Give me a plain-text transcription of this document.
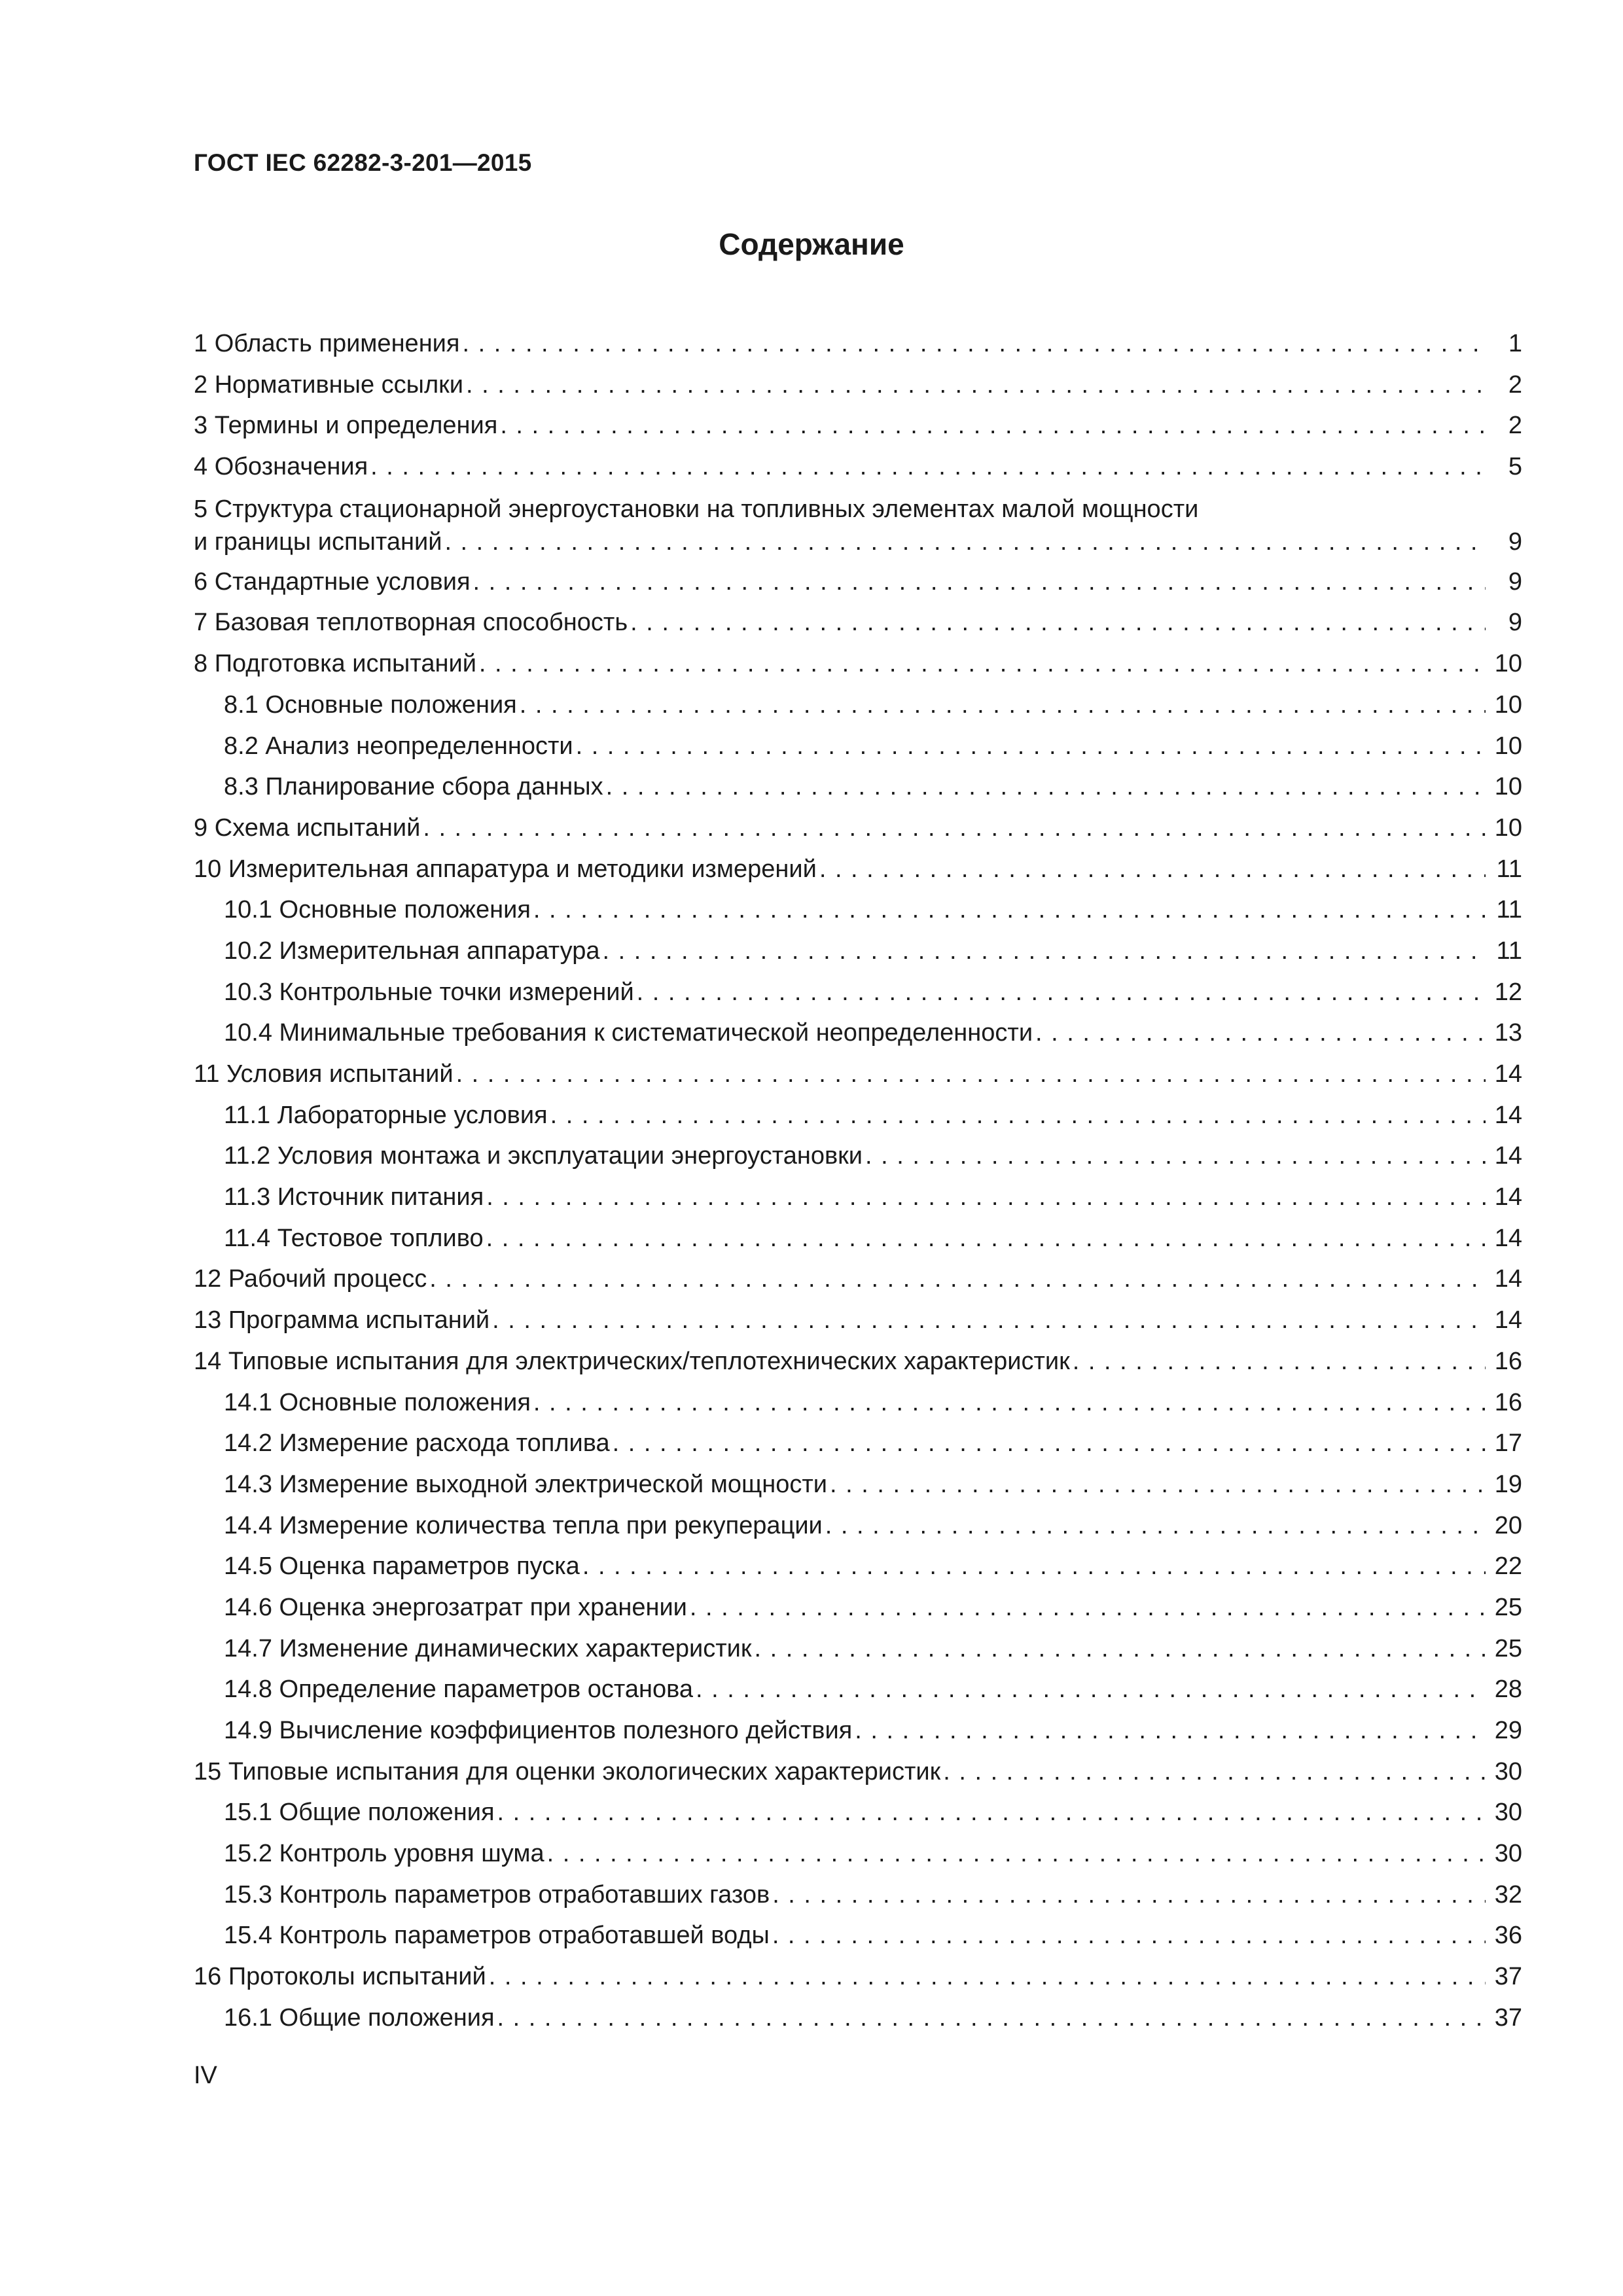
ГОСТ IEC 62282-3-201—2015
Содержание
1 Область применения . . .	1
2 Нормативные ссылки . . .	2
3 Термины и определения . . .	2
4 Обозначения . . .	5
5 Структура стационарной энергоустановки на топливных элементах малой мощности
и границы испытаний . . .	9
6 Стандартные условия . . .	9
7 Базовая теплотворная способность . . .	9
8 Подготовка испытаний . . .	10
8.1 Основные положения . . .	10
8.2 Анализ неопределенности . . .	10
8.3 Планирование сбора данных . . .	10
9 Схема испытаний . . .	10
10 Измерительная аппаратура и методики измерений . . .	11
10.1 Основные положения . . .	11
10.2 Измерительная аппаратура . . .	11
10.3 Контрольные точки измерений . . .	12
10.4 Минимальные требования к систематической неопределенности . . .	13
11 Условия испытаний . . .	14
11.1 Лабораторные условия . . .	14
11.2 Условия монтажа и эксплуатации энергоустановки . . .	14
11.3 Источник питания . . .	14
11.4 Тестовое топливо . . .	14
12 Рабочий процесс . . .	14
13 Программа испытаний . . .	14
14 Типовые испытания для электрических/теплотехнических характеристик . . .	16
14.1 Основные положения . . .	16
14.2 Измерение расхода топлива . . .	17
14.3 Измерение выходной электрической мощности . . .	19
14.4 Измерение количества тепла при рекуперации . . .	20
14.5 Оценка параметров пуска . . .	22
14.6 Оценка энергозатрат при хранении . . .	25
14.7 Изменение динамических характеристик . . .	25
14.8 Определение параметров останова . . .	28
14.9 Вычисление коэффициентов полезного действия . . .	29
15 Типовые испытания для оценки экологических характеристик . . .	30
15.1 Общие положения . . .	30
15.2 Контроль уровня шума . . .	30
15.3 Контроль параметров отработавших газов . . .	32
15.4 Контроль параметров отработавшей воды . . .	36
16 Протоколы испытаний . . .	37
16.1 Общие положения . . .	37
IV
